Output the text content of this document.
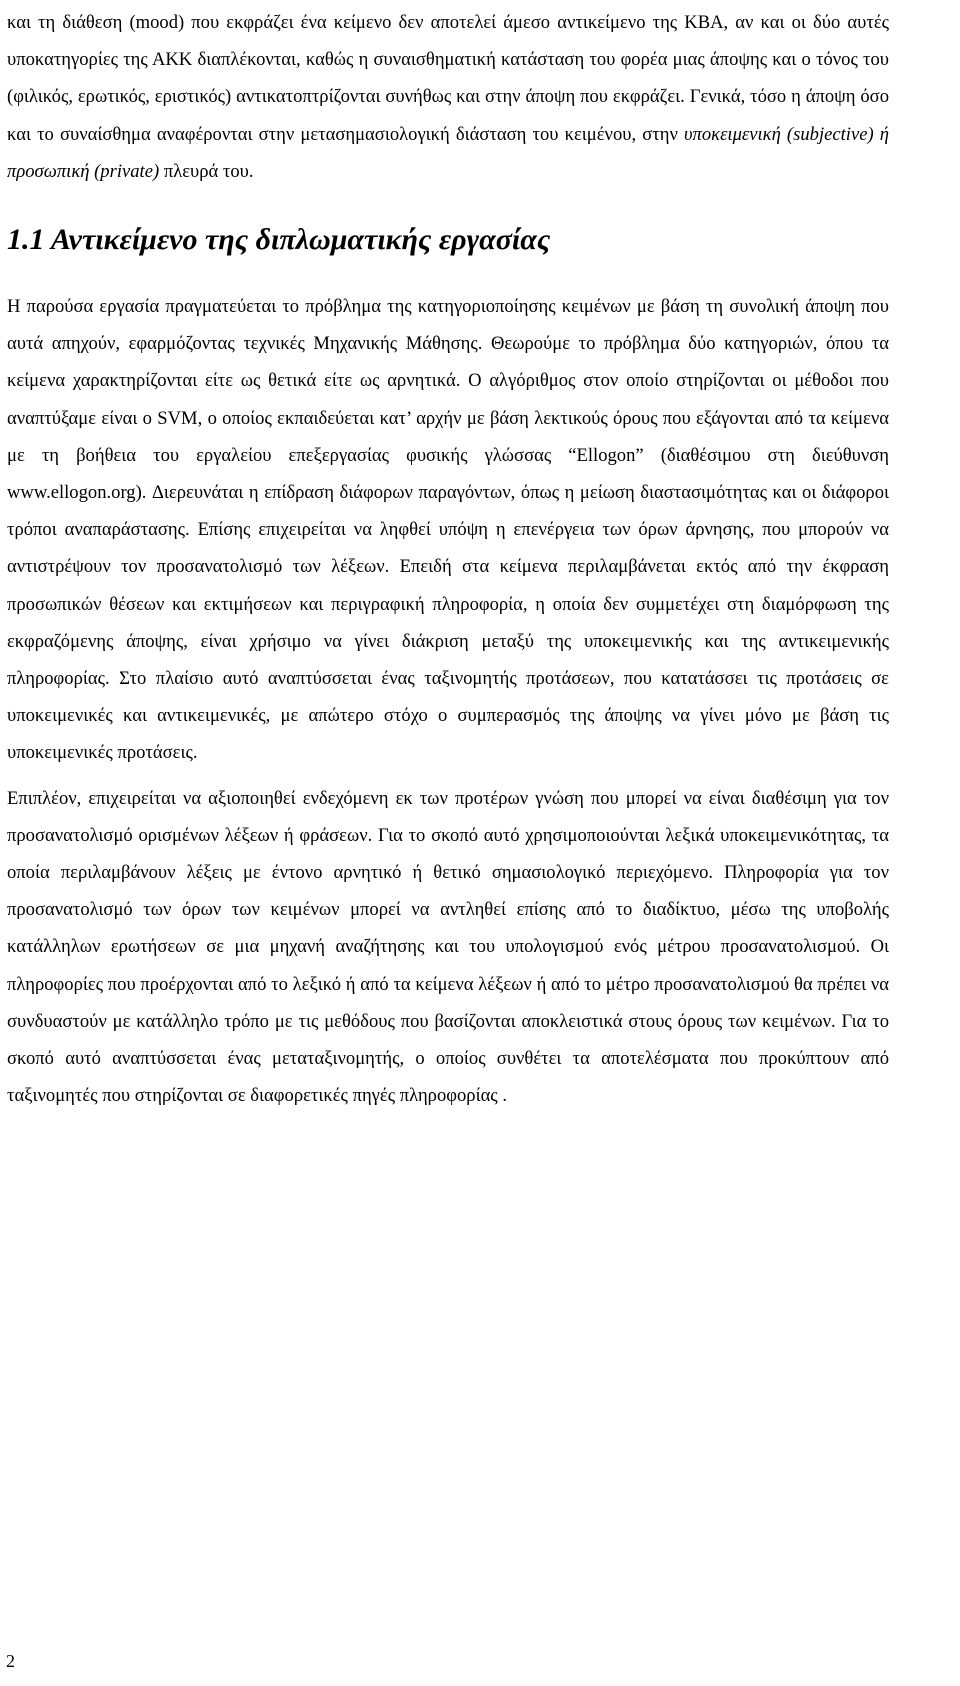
και τη διάθεση (mood) που εκφράζει ένα κείμενο δεν αποτελεί άμεσο αντικείμενο της ΚΒΑ, αν και οι δύο αυτές υποκατηγορίες της ΑΚΚ διαπλέκονται, καθώς η συναισθηματική κατάσταση του φορέα μιας άποψης και ο τόνος του (φιλικός, ερωτικός, εριστικός) αντικατοπτρίζονται συνήθως και στην άποψη που εκφράζει. Γενικά, τόσο η άποψη όσο και το συναίσθημα αναφέρονται στην μετασημασιολογική διάσταση του κειμένου, στην υποκειμενική (subjective) ή προσωπική (private) πλευρά του.

1.1 Αντικείμενο της διπλωματικής εργασίας

Η παρούσα εργασία πραγματεύεται το πρόβλημα της κατηγοριοποίησης κειμένων με βάση τη συνολική άποψη που αυτά απηχούν, εφαρμόζοντας τεχνικές Μηχανικής Μάθησης. Θεωρούμε το πρόβλημα δύο κατηγοριών, όπου τα κείμενα χαρακτηρίζονται είτε ως θετικά είτε ως αρνητικά. Ο αλγόριθμος στον οποίο στηρίζονται οι μέθοδοι που αναπτύξαμε είναι ο SVM, ο οποίος εκπαιδεύεται κατ’ αρχήν με βάση λεκτικούς όρους που εξάγονται από τα κείμενα με τη βοήθεια του εργαλείου επεξεργασίας φυσικής γλώσσας “Ellogon” (διαθέσιμου στη διεύθυνση www.ellogon.org). Διερευνάται η επίδραση διάφορων παραγόντων, όπως η μείωση διαστασιμότητας και οι διάφοροι τρόποι αναπαράστασης. Επίσης επιχειρείται να ληφθεί υπόψη η επενέργεια των όρων άρνησης, που μπορούν να αντιστρέψουν τον προσανατολισμό των λέξεων. Επειδή στα κείμενα περιλαμβάνεται εκτός από την έκφραση προσωπικών θέσεων και εκτιμήσεων και περιγραφική πληροφορία, η οποία δεν συμμετέχει στη διαμόρφωση της εκφραζόμενης άποψης, είναι χρήσιμο να γίνει διάκριση μεταξύ της υποκειμενικής και της αντικειμενικής πληροφορίας. Στο πλαίσιο αυτό αναπτύσσεται ένας ταξινομητής προτάσεων, που κατατάσσει τις προτάσεις σε υποκειμενικές και αντικειμενικές, με απώτερο στόχο ο συμπερασμός της άποψης να γίνει μόνο με βάση τις υποκειμενικές προτάσεις.

Επιπλέον, επιχειρείται να αξιοποιηθεί ενδεχόμενη εκ των προτέρων γνώση που μπορεί να είναι διαθέσιμη για τον προσανατολισμό ορισμένων λέξεων ή φράσεων. Για το σκοπό αυτό χρησιμοποιούνται λεξικά υποκειμενικότητας, τα οποία περιλαμβάνουν λέξεις με έντονο αρνητικό ή θετικό σημασιολογικό περιεχόμενο. Πληροφορία για τον προσανατολισμό των όρων των κειμένων μπορεί να αντληθεί επίσης από το διαδίκτυο, μέσω της υποβολής κατάλληλων ερωτήσεων σε μια μηχανή αναζήτησης και του υπολογισμού ενός μέτρου προσανατολισμού. Οι πληροφορίες που προέρχονται από το λεξικό ή από τα κείμενα λέξεων ή από το μέτρο προσανατολισμού θα πρέπει να συνδυαστούν με κατάλληλο τρόπο με τις μεθόδους που βασίζονται αποκλειστικά στους όρους των κειμένων. Για το σκοπό αυτό αναπτύσσεται ένας μεταταξινομητής, ο οποίος συνθέτει τα αποτελέσματα που προκύπτουν από ταξινομητές που στηρίζονται σε διαφορετικές πηγές πληροφορίας .

2
